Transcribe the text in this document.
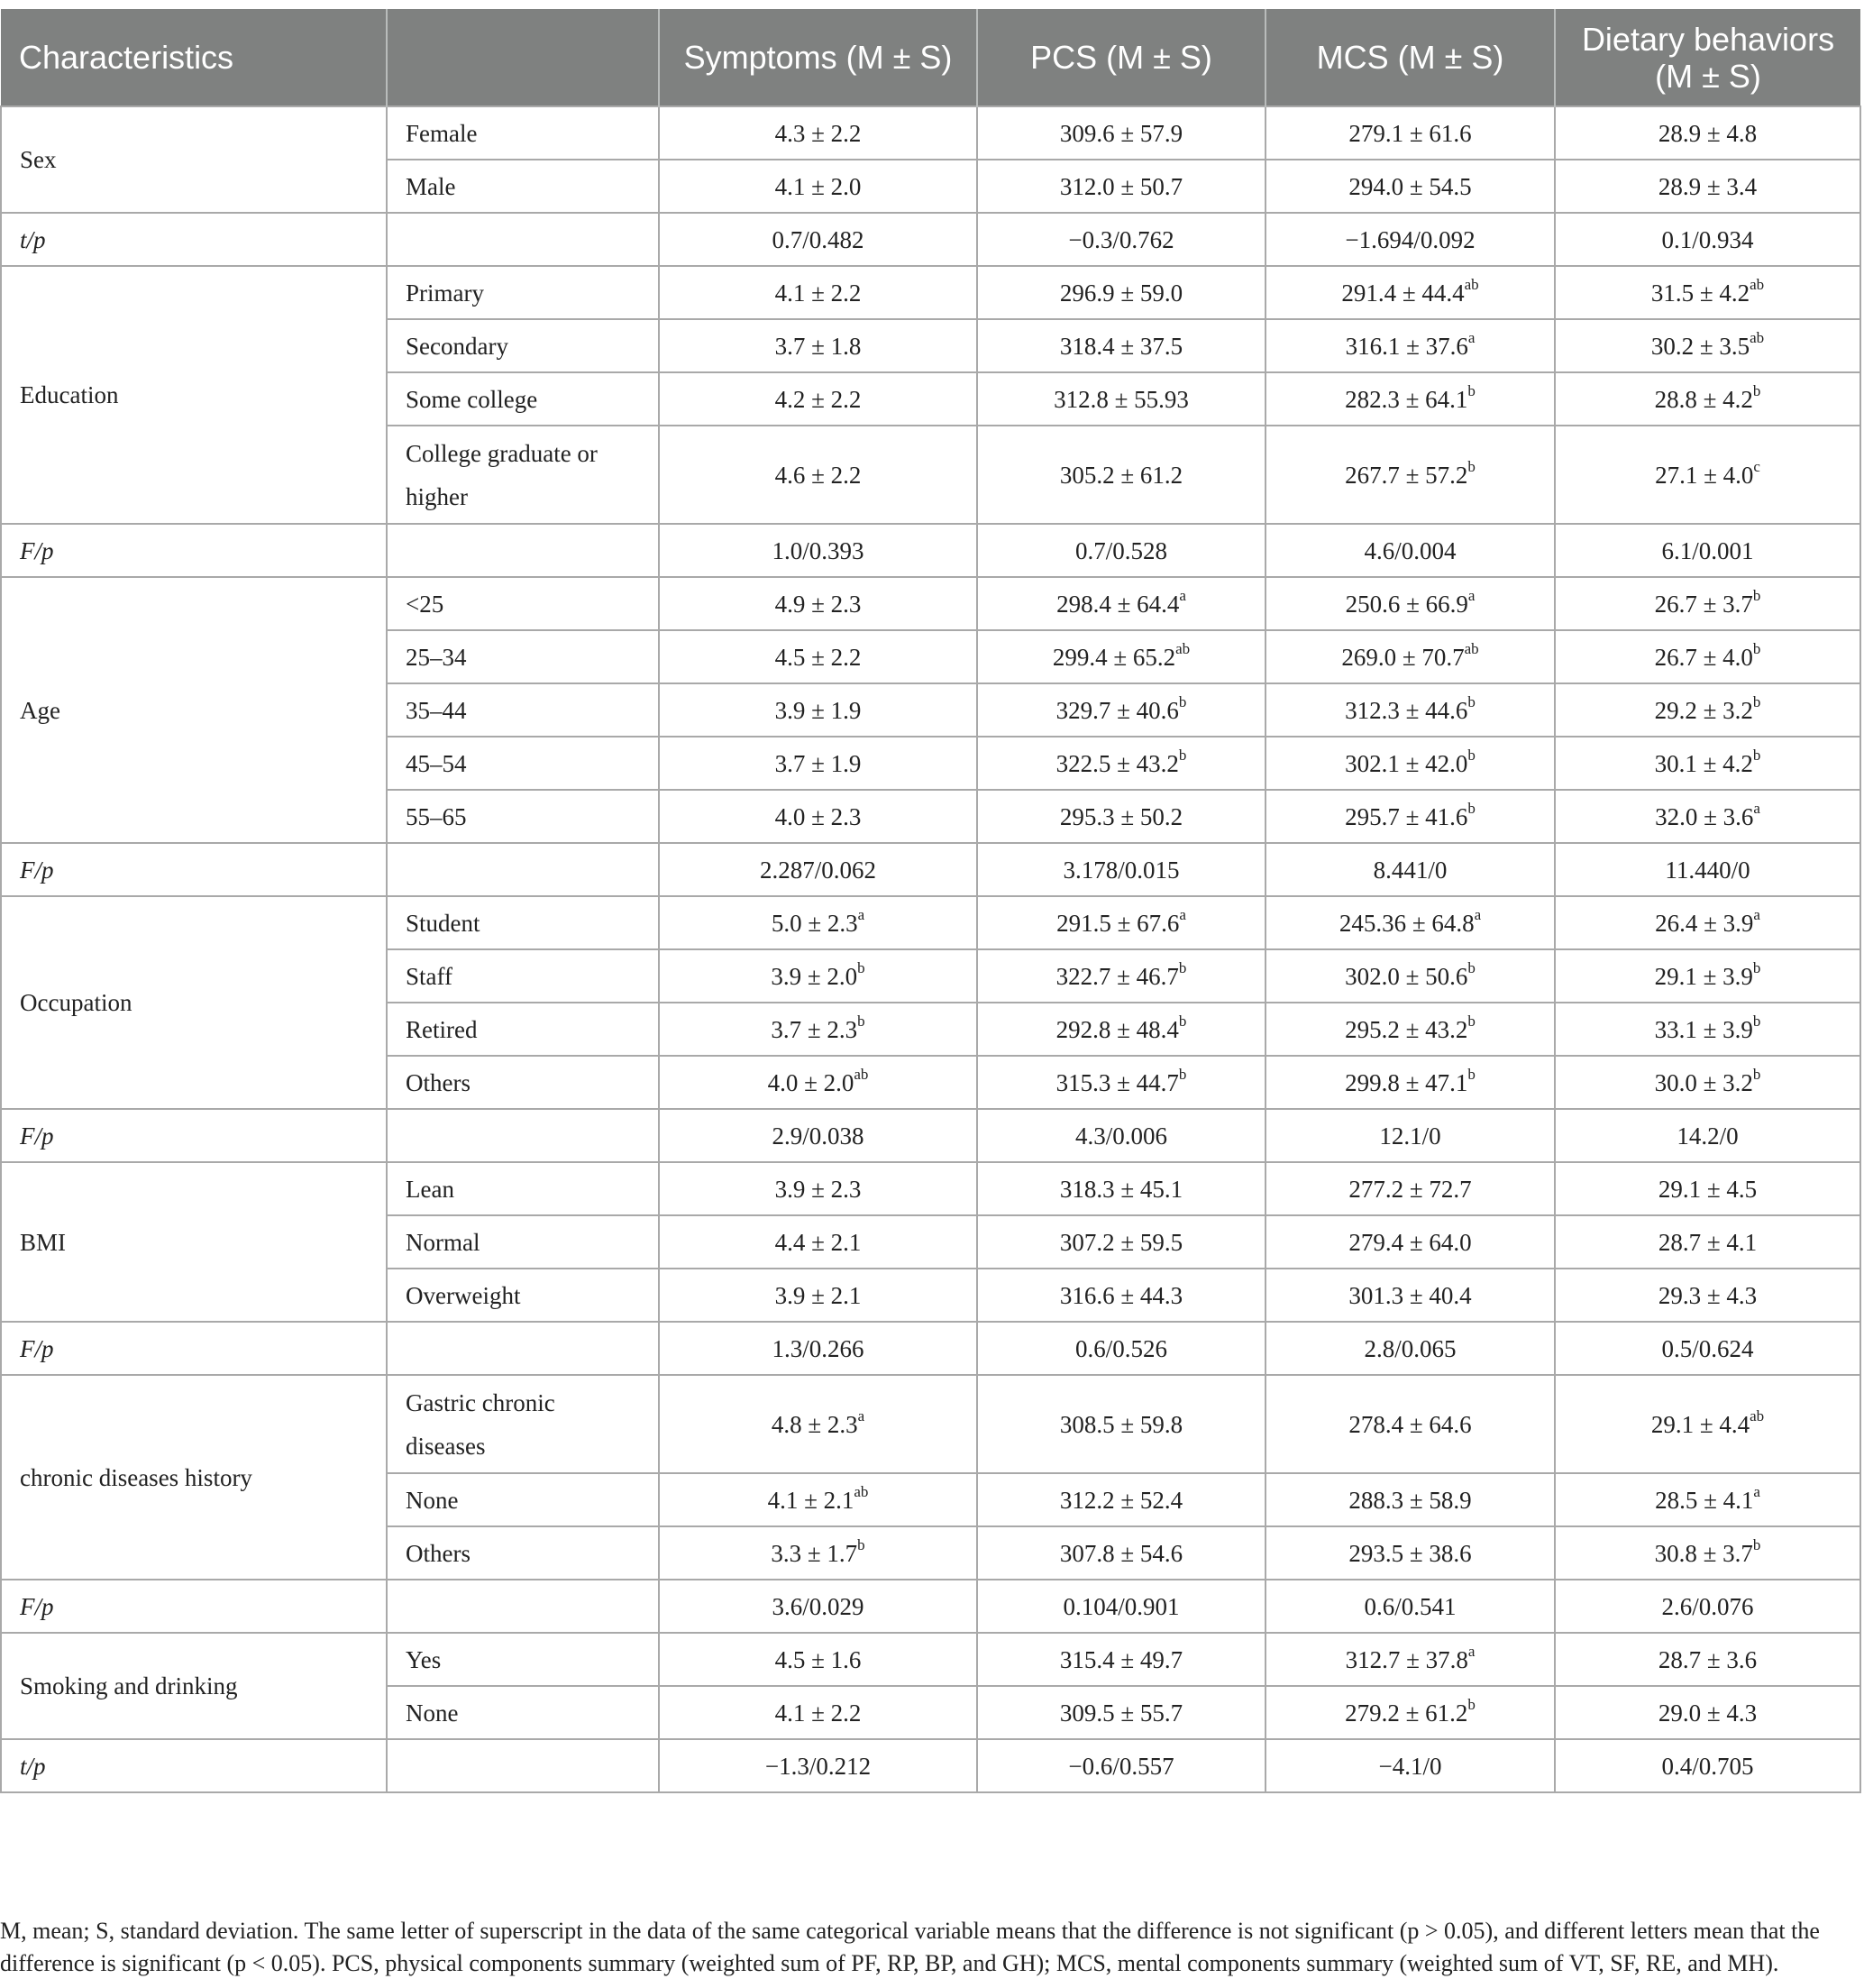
Characteristics		Symptoms (M ± S)	PCS (M ± S)	MCS (M ± S)	Dietary behaviors (M ± S)
Sex	Female	4.3 ± 2.2	309.6 ± 57.9	279.1 ± 61.6	28.9 ± 4.8
	Male	4.1 ± 2.0	312.0 ± 50.7	294.0 ± 54.5	28.9 ± 3.4
t/p		0.7/0.482	−0.3/0.762	−1.694/0.092	0.1/0.934
Education	Primary	4.1 ± 2.2	296.9 ± 59.0	291.4 ± 44.4$^{ab}$	31.5 ± 4.2$^{ab}$
	Secondary	3.7 ± 1.8	318.4 ± 37.5	316.1 ± 37.6$^a$	30.2 ± 3.5$^{ab}$
	Some college	4.2 ± 2.2	312.8 ± 55.93	282.3 ± 64.1$^b$	28.8 ± 4.2$^b$
	College graduate or higher	4.6 ± 2.2	305.2 ± 61.2	267.7 ± 57.2$^b$	27.1 ± 4.0$^c$
F/p		1.0/0.393	0.7/0.528	4.6/0.004	6.1/0.001
Age	<25	4.9 ± 2.3	298.4 ± 64.4$^a$	250.6 ± 66.9$^a$	26.7 ± 3.7$^b$
	25–34	4.5 ± 2.2	299.4 ± 65.2$^{ab}$	269.0 ± 70.7$^{ab}$	26.7 ± 4.0$^b$
	35–44	3.9 ± 1.9	329.7 ± 40.6$^b$	312.3 ± 44.6$^b$	29.2 ± 3.2$^b$
	45–54	3.7 ± 1.9	322.5 ± 43.2$^b$	302.1 ± 42.0$^b$	30.1 ± 4.2$^b$
	55–65	4.0 ± 2.3	295.3 ± 50.2	295.7 ± 41.6$^b$	32.0 ± 3.6$^a$
F/p		2.287/0.062	3.178/0.015	8.441/0	11.440/0
Occupation	Student	5.0 ± 2.3$^a$	291.5 ± 67.6$^a$	245.36 ± 64.8$^a$	26.4 ± 3.9$^a$
	Staff	3.9 ± 2.0$^b$	322.7 ± 46.7$^b$	302.0 ± 50.6$^b$	29.1 ± 3.9$^b$
	Retired	3.7 ± 2.3$^b$	292.8 ± 48.4$^b$	295.2 ± 43.2$^b$	33.1 ± 3.9$^b$
	Others	4.0 ± 2.0$^{ab}$	315.3 ± 44.7$^b$	299.8 ± 47.1$^b$	30.0 ± 3.2$^b$
F/p		2.9/0.038	4.3/0.006	12.1/0	14.2/0
BMI	Lean	3.9 ± 2.3	318.3 ± 45.1	277.2 ± 72.7	29.1 ± 4.5
	Normal	4.4 ± 2.1	307.2 ± 59.5	279.4 ± 64.0	28.7 ± 4.1
	Overweight	3.9 ± 2.1	316.6 ± 44.3	301.3 ± 40.4	29.3 ± 4.3
F/p		1.3/0.266	0.6/0.526	2.8/0.065	0.5/0.624
chronic diseases history	Gastric chronic diseases	4.8 ± 2.3$^a$	308.5 ± 59.8	278.4 ± 64.6	29.1 ± 4.4$^{ab}$
	None	4.1 ± 2.1$^{ab}$	312.2 ± 52.4	288.3 ± 58.9	28.5 ± 4.1$^a$
	Others	3.3 ± 1.7$^b$	307.8 ± 54.6	293.5 ± 38.6	30.8 ± 3.7$^b$
F/p		3.6/0.029	0.104/0.901	0.6/0.541	2.6/0.076
Smoking and drinking	Yes	4.5 ± 1.6	315.4 ± 49.7	312.7 ± 37.8$^a$	28.7 ± 3.6
	None	4.1 ± 2.2	309.5 ± 55.7	279.2 ± 61.2$^b$	29.0 ± 4.3
t/p		−1.3/0.212	−0.6/0.557	−4.1/0	0.4/0.705
M, mean; S, standard deviation. The same letter of superscript in the data of the same categorical variable means that the difference is not significant (p > 0.05), and different letters mean that the difference is significant (p < 0.05). PCS, physical components summary (weighted sum of PF, RP, BP, and GH); MCS, mental components summary (weighted sum of VT, SF, RE, and MH).
